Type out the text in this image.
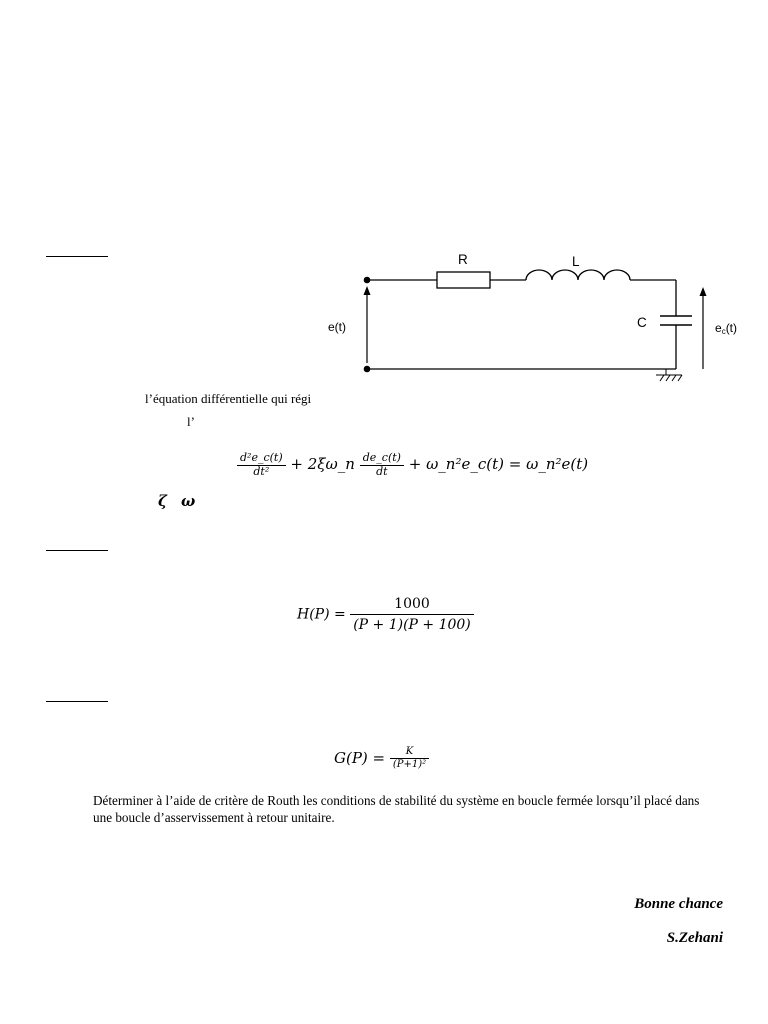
R	L
C
e(t)	ec(t)
l’équation différentielle qui régi
l’
$\frac{\text{d²e\_c(t)}}{\text{dt²}}$ + 2ξω_n $\frac{de\_c(t)}{dt}$ + ω_n²e_c(t) = ω_n²e(t)
ζ ω
$H(P) = \frac{1000}{(P + 1)(P + 100)}$
$G(P) = \frac{K}{\text{(P+1)²}}$
Déterminer à l’aide de critère de Routh les conditions de stabilité du système en boucle fermée lorsqu’il placé dans une boucle d’asservissement à retour unitaire.
Bonne chance
S.Zehani
